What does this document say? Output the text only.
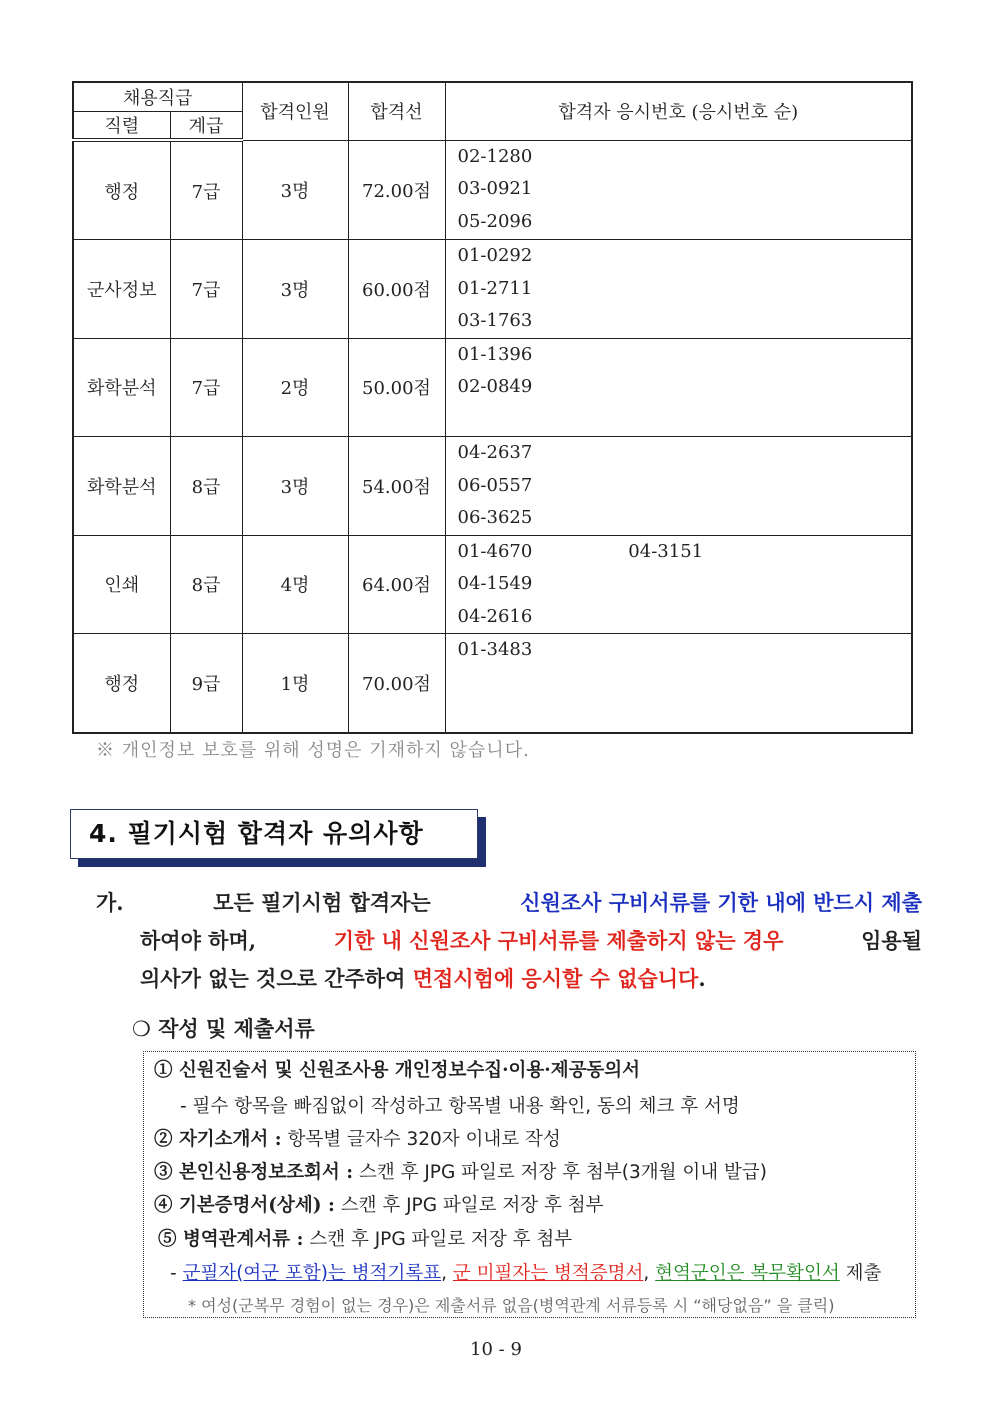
채용직급		합격인원	합격선	합격자 응시번호 (응시번호 순)
직렬	계급			
행정	7급	3명	72.00점	02-1280
03-0921
05-2096

군사정보	7급	3명	60.00점	01-0292
01-2711
03-1763

화학분석	7급	2명	50.00점	01-1396
02-0849

화학분석	8급	3명	54.00점	04-2637
06-0557
06-3625

인쇄	8급	4명	64.00점	01-4670 04-3151
04-1549
04-2616

행정	9급	1명	70.00점	01-3483
※ 개인정보 보호를 위해 성명은 기재하지 않습니다.
4. 필기시험 합격자 유의사항
가.	모든 필기시험 합격자는	신원조사 구비서류를 기한 내에 반드시 제출
하여야 하며,	기한 내 신원조사 구비서류를 제출하지 않는 경우	임용될
의사가 없는 것으로 간주하여 면접시험에 응시할 수 없습니다.
❍ 작성 및 제출서류
① 신원진술서 및 신원조사용 개인정보수집·이용·제공동의서
- 필수 항목을 빠짐없이 작성하고 항목별 내용 확인, 동의 체크 후 서명
② 자기소개서 : 항목별 글자수 320자 이내로 작성
③ 본인신용정보조회서 : 스캔 후 JPG 파일로 저장 후 첨부(3개월 이내 발급)
④ 기본증명서(상세) : 스캔 후 JPG 파일로 저장 후 첨부
⑤ 병역관계서류 : 스캔 후 JPG 파일로 저장 후 첨부
- 군필자(여군 포함)는 병적기록표, 군 미필자는 병적증명서, 현역군인은 복무확인서 제출
* 여성(군복무 경험이 없는 경우)은 제출서류 없음(병역관계 서류등록 시 “해당없음” 을 클릭)
10 - 9
